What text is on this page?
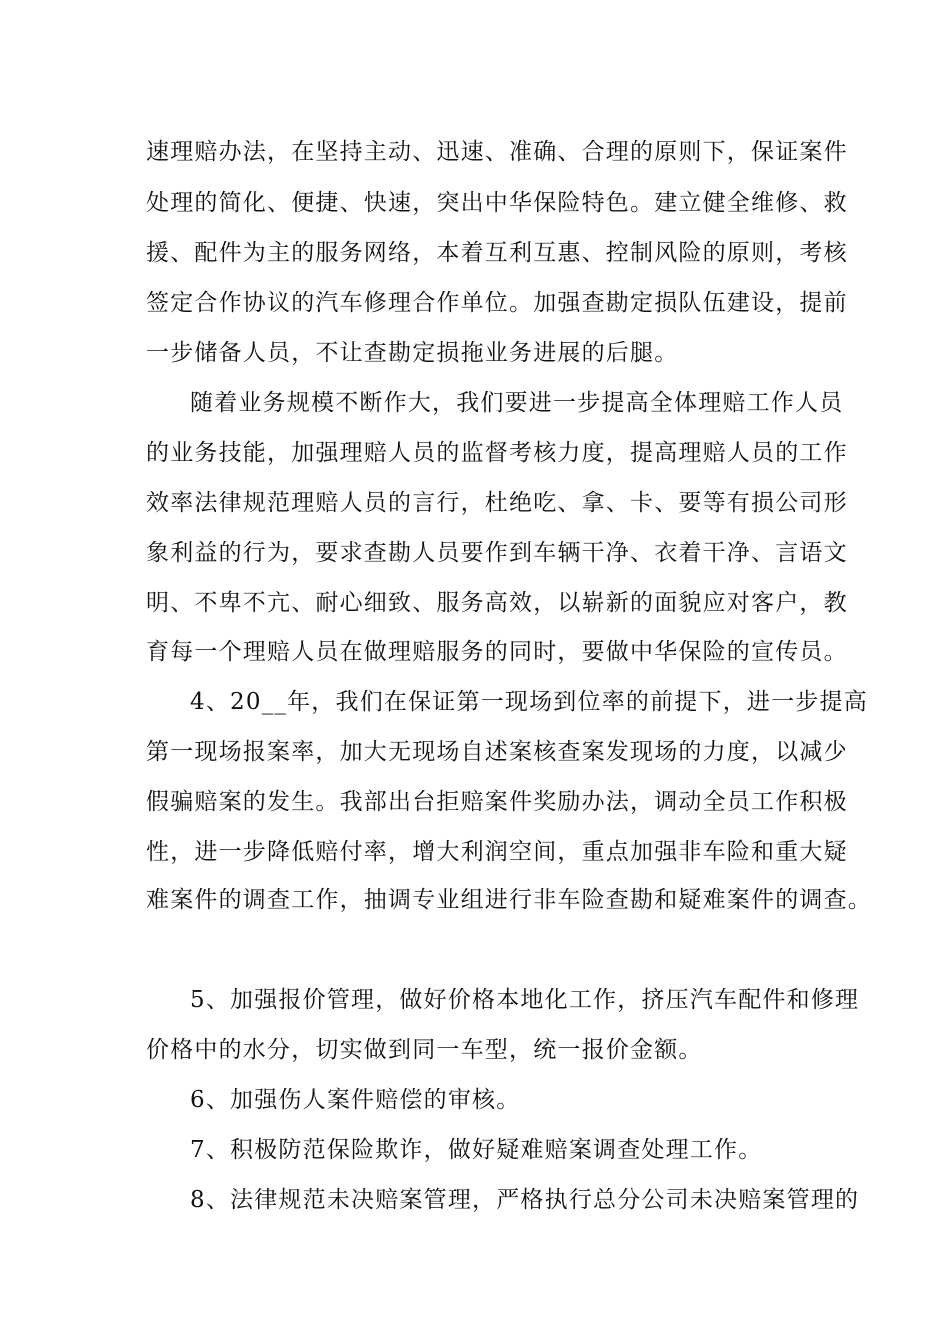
速理赔办法，在坚持主动、迅速、准确、合理的原则下，保证案件
处理的简化、便捷、快速，突出中华保险特色。建立健全维修、救
援、配件为主的服务网络，本着互利互惠、控制风险的原则，考核
签定合作协议的汽车修理合作单位。加强查勘定损队伍建设，提前
一步储备人员，不让查勘定损拖业务进展的后腿。
随着业务规模不断作大，我们要进一步提高全体理赔工作人员
的业务技能，加强理赔人员的监督考核力度，提高理赔人员的工作
效率法律规范理赔人员的言行，杜绝吃、拿、卡、要等有损公司形
象利益的行为，要求查勘人员要作到车辆干净、衣着干净、言语文
明、不卑不亢、耐心细致、服务高效，以崭新的面貌应对客户，教
育每一个理赔人员在做理赔服务的同时，要做中华保险的宣传员。
4、20__年，我们在保证第一现场到位率的前提下，进一步提高
第一现场报案率，加大无现场自述案核查案发现场的力度，以减少
假骗赔案的发生。我部出台拒赔案件奖励办法，调动全员工作积极
性，进一步降低赔付率，增大利润空间，重点加强非车险和重大疑
难案件的调查工作，抽调专业组进行非车险查勘和疑难案件的调查。
5、加强报价管理，做好价格本地化工作，挤压汽车配件和修理
价格中的水分，切实做到同一车型，统一报价金额。
6、加强伤人案件赔偿的审核。
7、积极防范保险欺诈，做好疑难赔案调查处理工作。
8、法律规范未决赔案管理，严格执行总分公司未决赔案管理的
